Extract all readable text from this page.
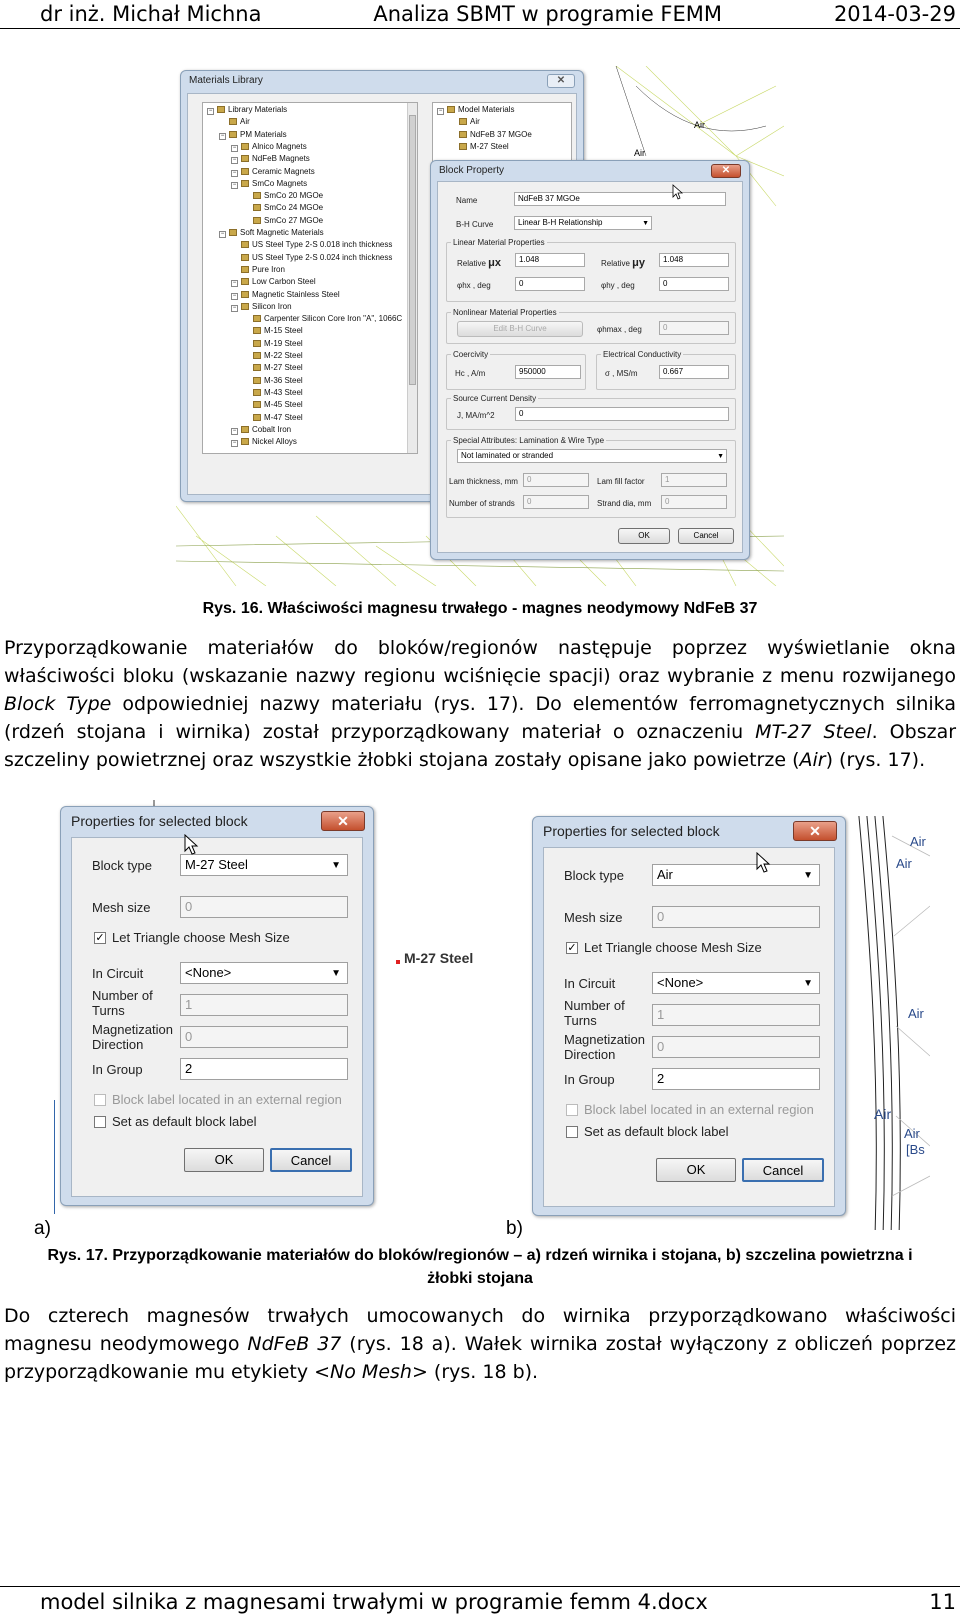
dr inż. Michał Michna	Analiza SBMT w programie FEMM	2014-03-29
Air
Air
Materials Library	✕
− Library Materials
Air
− PM Materials
− Alnico Magnets
− NdFeB Magnets
− Ceramic Magnets
− SmCo Magnets
SmCo 20 MGOe
SmCo 24 MGOe
SmCo 27 MGOe
− Soft Magnetic Materials
US Steel Type 2-S 0.018 inch thickness
US Steel Type 2-S 0.024 inch thickness
Pure Iron
− Low Carbon Steel
− Magnetic Stainless Steel
− Silicon Iron
Carpenter Silicon Core Iron "A", 1066C
M-15 Steel
M-19 Steel
M-22 Steel
M-27 Steel
M-36 Steel
M-43 Steel
M-45 Steel
M-47 Steel
− Cobalt Iron
− Nickel Alloys
− Model Materials
Air
NdFeB 37 MGOe
M-27 Steel
Block Property	✕
Name	NdFeB 37 MGOe
B-H Curve	Linear B-H Relationship	▼
Linear Material Properties
Relative μx	1.048	Relative μy	1.048
φhx , deg	0	φhy , deg	0
Nonlinear Material Properties
Edit B-H Curve	φhmax , deg	0
Coercivity
Hc , A/m	950000
Electrical Conductivity
σ , MS/m	0.667
Source Current Density
J, MA/m^2	0
Special Attributes: Lamination & Wire Type
Not laminated or stranded	▼
Lam thickness, mm	0	Lam fill factor	1
Number of strands	0	Strand dia, mm	0
OK	Cancel
Rys. 16. Właściwości magnesu trwałego - magnes neodymowy NdFeB 37

Przyporządkowanie materiałów do bloków/regionów następuje poprzez wyświetlanie okna właściwości bloku (wskazanie nazwy regionu wciśnięcie spacji) oraz wybranie z menu rozwijanego Block Type odpowiedniej nazwy materiału (rys. 17). Do elementów ferromagnetycznych silnika (rdzeń stojana i wirnika) został przyporządkowany materiał o oznaczeniu MT-27 Steel. Obszar szczeliny powietrznej oraz wszystkie żłobki stojana zostały opisane jako powietrze (Air) (rys. 17).

M-27 Steel
Properties for selected block	✕
Block type	M-27 Steel	▼
Mesh size	0
✓ Let Triangle choose Mesh Size
In Circuit	<None>	▼
Number of
Turns	1
Magnetization
Direction
0
In Group	2
Block label located in an external region
Set as default block label
OK	Cancel
a)
Air
Air
Air
Air
Air
[Bs
Properties for selected block	✕
Block type	Air	▼
Mesh size	0
✓ Let Triangle choose Mesh Size
In Circuit	<None>	▼
Number of
Turns	1
Magnetization
Direction
0
In Group	2
Block label located in an external region
Set as default block label
OK	Cancel
b)
Rys. 17. Przyporządkowanie materiałów do bloków/regionów – a) rdzeń wirnika i stojana, b) szczelina powietrzna i
żłobki stojana

Do czterech magnesów trwałych umocowanych do wirnika przyporządkowano właściwości magnesu neodymowego NdFeB 37 (rys. 18 a). Wałek wirnika został wyłączony z obliczeń poprzez przyporządkowanie mu etykiety <No Mesh> (rys. 18 b).

model silnika z magnesami trwałymi w programie femm 4.docx	11
